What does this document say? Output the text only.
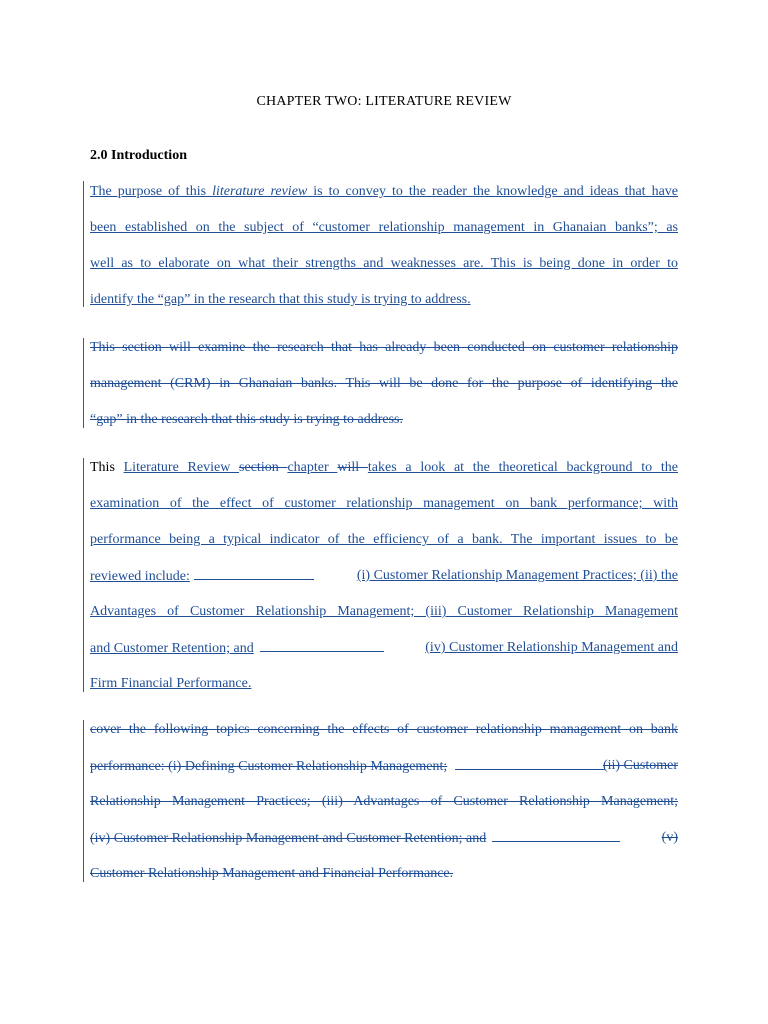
CHAPTER TWO: LITERATURE REVIEW
2.0 Introduction
The purpose of this literature review is to convey to the reader the knowledge and ideas that have
been established on the subject of “customer relationship management in Ghanaian banks”; as
well as to elaborate on what their strengths and weaknesses are. This is being done in order to
identify the “gap” in the research that this study is trying to address.
This section will examine the research that has already been conducted on customer relationship
management (CRM) in Ghanaian banks. This will be done for the purpose of identifying the
“gap” in the research that this study is trying to address.
This Literature Review section chapter will takes a look at the theoretical background to the
examination of the effect of customer relationship management on bank performance; with
performance being a typical indicator of the efficiency of a bank. The important issues to be
reviewed include:	(i) Customer Relationship Management Practices; (ii) the
Advantages of Customer Relationship Management; (iii) Customer Relationship Management
and Customer Retention; and	(iv) Customer Relationship Management and
Firm Financial Performance.
cover the following topics concerning the effects of customer relationship management on bank
performance: (i) Defining Customer Relationship Management;	(ii) Customer
Relationship Management Practices; (iii) Advantages of Customer Relationship Management;
(iv) Customer Relationship Management and Customer Retention; and	(v)
Customer Relationship Management and Financial Performance.
